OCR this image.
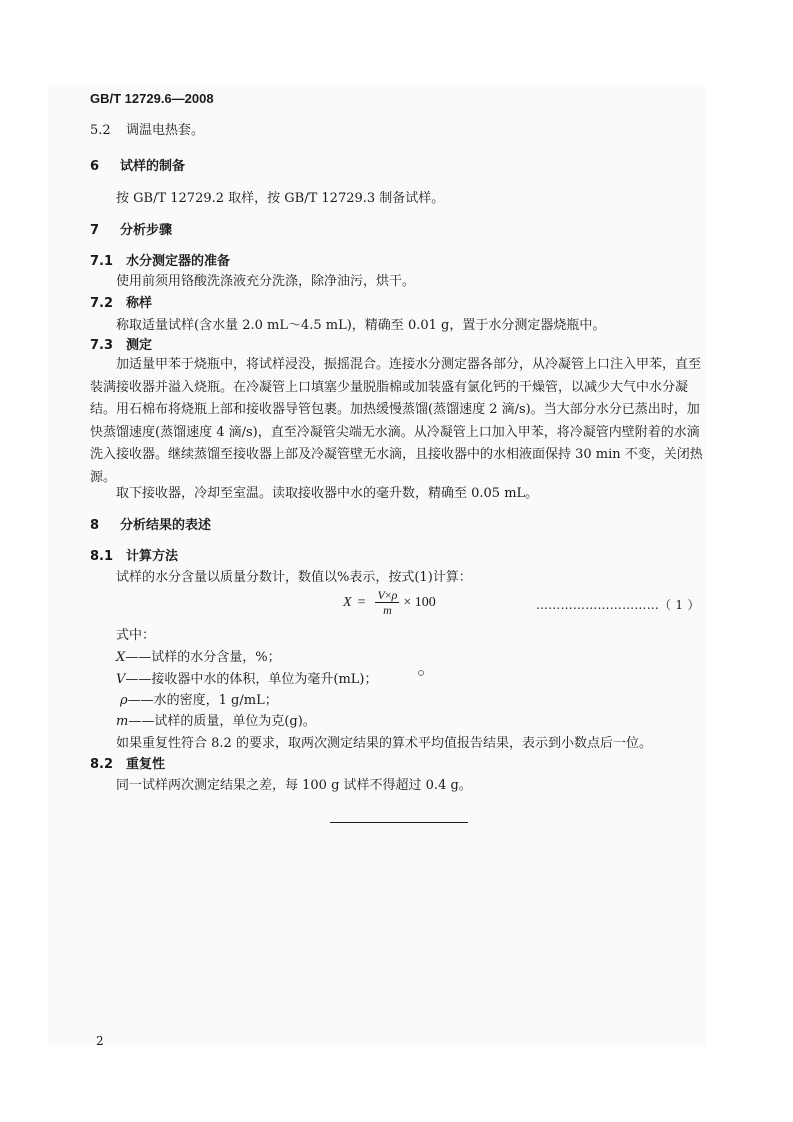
GB/T 12729.6—2008
5.2 调温电热套。
6 试样的制备
按 GB/T 12729.2 取样，按 GB/T 12729.3 制备试样。
7 分析步骤
7.1 水分测定器的准备
使用前须用铬酸洗涤液充分洗涤，除净油污，烘干。
7.2 称样
称取适量试样(含水量 2.0 mL～4.5 mL)，精确至 0.01 g，置于水分测定器烧瓶中。
7.3 测定
加适量甲苯于烧瓶中，将试样浸没，振摇混合。连接水分测定器各部分，从冷凝管上口注入甲苯，直至装满接收器并溢入烧瓶。在冷凝管上口填塞少量脱脂棉或加装盛有氯化钙的干燥管，以减少大气中水分凝结。用石棉布将烧瓶上部和接收器导管包裹。加热缓慢蒸馏(蒸馏速度 2 滴/s)。当大部分水分已蒸出时，加快蒸馏速度(蒸馏速度 4 滴/s)，直至冷凝管尖端无水滴。从冷凝管上口加入甲苯，将冷凝管内壁附着的水滴洗入接收器。继续蒸馏至接收器上部及冷凝管壁无水滴，且接收器中的水相液面保持 30 min 不变，关闭热源。
取下接收器，冷却至室温。读取接收器中水的毫升数，精确至 0.05 mL。
8 分析结果的表述
8.1 计算方法
试样的水分含量以质量分数计，数值以%表示，按式(1)计算：
$X = \frac{V\times\rho}{m} \times 100$	…………………………（ 1 ）
式中：
X——试样的水分含量，%；
V——接收器中水的体积，单位为毫升(mL)；
ρ——水的密度，1 g/mL；
m——试样的质量，单位为克(g)。
如果重复性符合 8.2 的要求，取两次测定结果的算术平均值报告结果，表示到小数点后一位。
8.2 重复性
同一试样两次测定结果之差，每 100 g 试样不得超过 0.4 g。
2
